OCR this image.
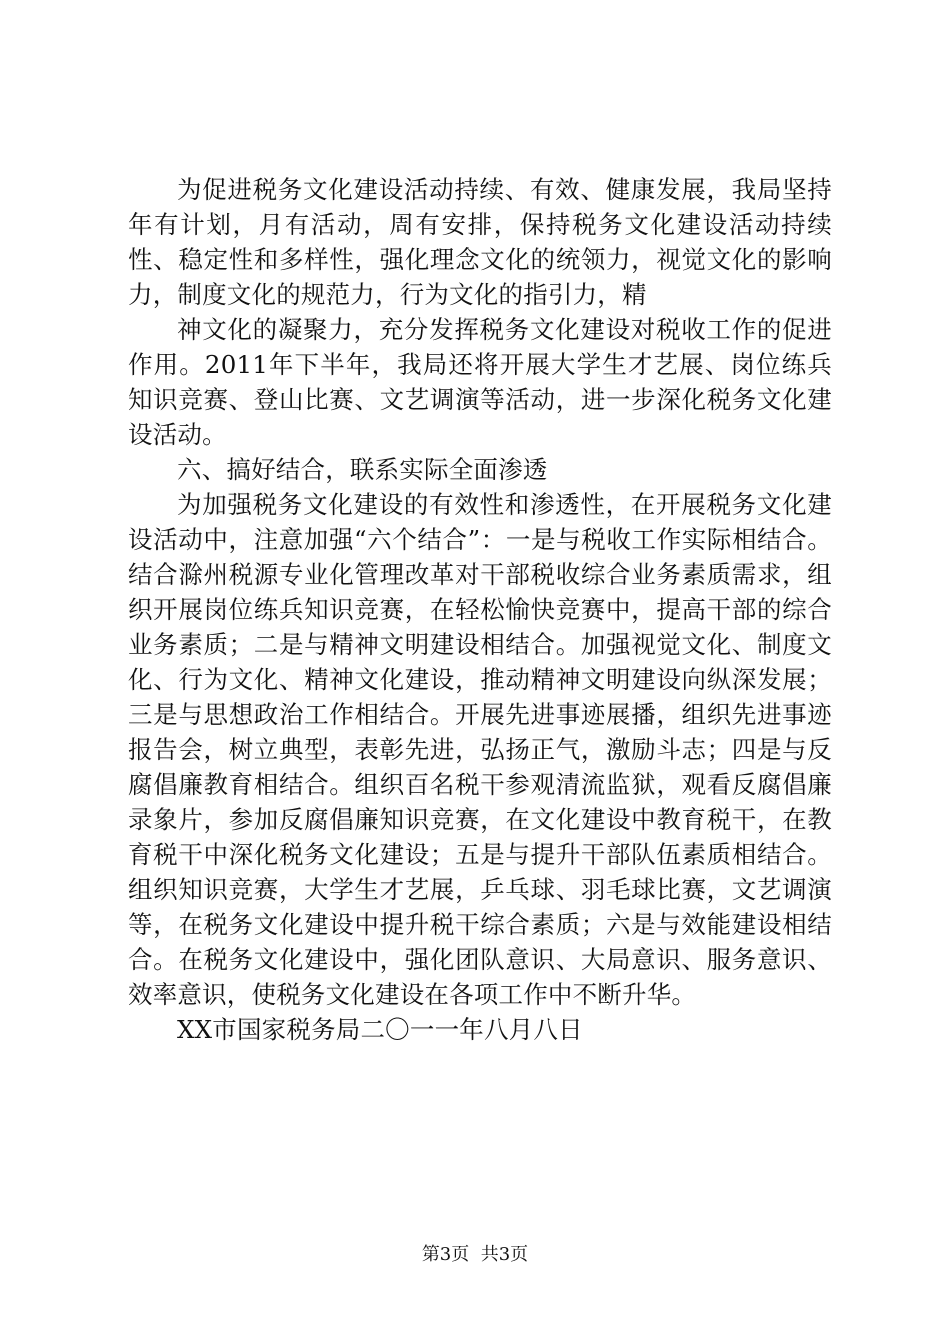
为促进税务文化建设活动持续、有效、健康发展，我局坚持年有计划，月有活动，周有安排，保持税务文化建设活动持续性、稳定性和多样性，强化理念文化的统领力，视觉文化的影响力，制度文化的规范力，行为文化的指引力，精

神文化的凝聚力，充分发挥税务文化建设对税收工作的促进作用。2011年下半年，我局还将开展大学生才艺展、岗位练兵知识竞赛、登山比赛、文艺调演等活动，进一步深化税务文化建设活动。

六、搞好结合，联系实际全面渗透

为加强税务文化建设的有效性和渗透性，在开展税务文化建设活动中，注意加强“六个结合”：一是与税收工作实际相结合。结合滁州税源专业化管理改革对干部税收综合业务素质需求，组织开展岗位练兵知识竞赛，在轻松愉快竞赛中，提高干部的综合业务素质；二是与精神文明建设相结合。加强视觉文化、制度文化、行为文化、精神文化建设，推动精神文明建设向纵深发展；三是与思想政治工作相结合。开展先进事迹展播，组织先进事迹报告会，树立典型，表彰先进，弘扬正气，激励斗志；四是与反腐倡廉教育相结合。组织百名税干参观清流监狱，观看反腐倡廉录象片，参加反腐倡廉知识竞赛，在文化建设中教育税干，在教育税干中深化税务文化建设；五是与提升干部队伍素质相结合。组织知识竞赛，大学生才艺展，乒乓球、羽毛球比赛，文艺调演等，在税务文化建设中提升税干综合素质；六是与效能建设相结合。在税务文化建设中，强化团队意识、大局意识、服务意识、效率意识，使税务文化建设在各项工作中不断升华。

XX市国家税务局二〇一一年八月八日

第3页  共3页
